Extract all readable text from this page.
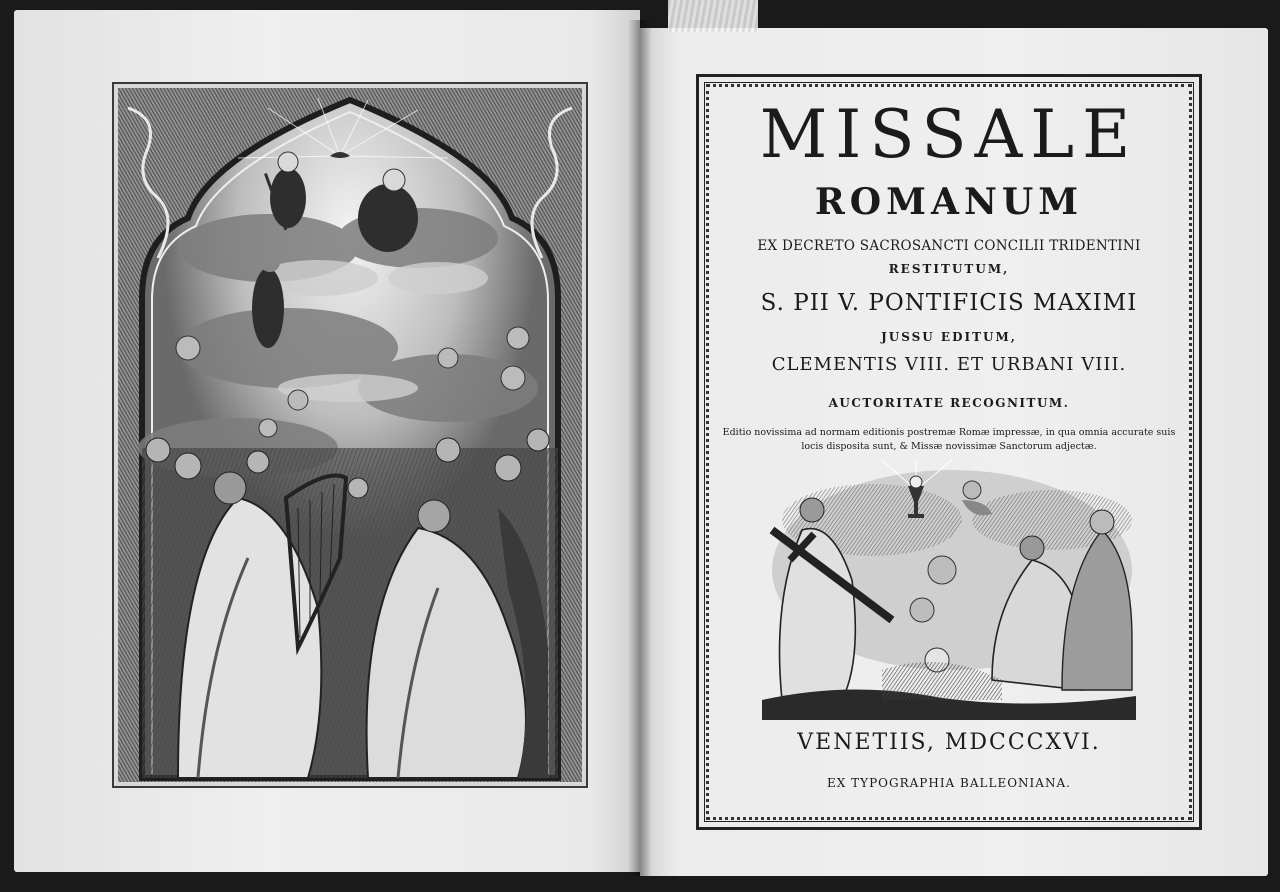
MISSALE
ROMANUM
EX DECRETO SACROSANCTI CONCILII TRIDENTINI
RESTITUTUM,
S. PII V. PONTIFICIS MAXIMI
JUSSU EDITUM,
CLEMENTIS VIII. ET URBANI VIII.
AUCTORITATE RECOGNITUM.
Editio novissima ad normam editionis postremæ Romæ impressæ, in qua omnia accurate suis locis disposita sunt, & Missæ novissimæ Sanctorum adjectæ.
VENETIIS, MDCCCXVI.
EX TYPOGRAPHIA BALLEONIANA.
